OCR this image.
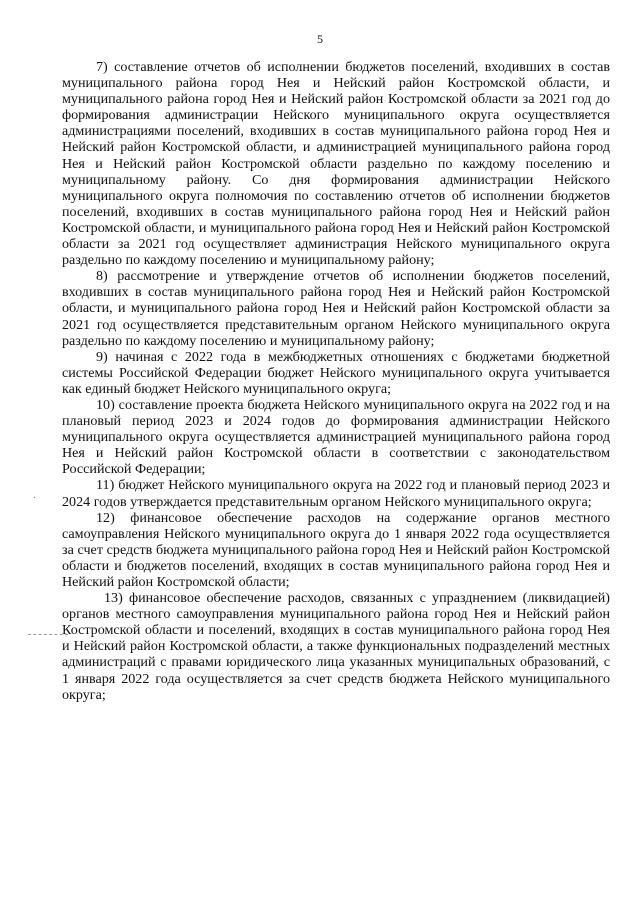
5
·

7) составление отчетов об исполнении бюджетов поселений, входивших в состав муниципального района город Нея и Нейский район Костромской области, и муниципального района город Нея и Нейский район Костромской области за 2021 год до формирования администрации Нейского муниципального округа осуществляется администрациями поселений, входивших в состав муниципального района город Нея и Нейский район Костромской области, и администрацией муниципального района город Нея и Нейский район Костромской области раздельно по каждому поселению и муниципальному району. Со дня формирования администрации Нейского муниципального округа полномочия по составлению отчетов об исполнении бюджетов поселений, входивших в состав муниципального района город Нея и Нейский район Костромской области, и муниципального района город Нея и Нейский район Костромской области за 2021 год осуществляет администрация Нейского муниципального округа раздельно по каждому поселению и муниципальному району;

8) рассмотрение и утверждение отчетов об исполнении бюджетов поселений, входивших в состав муниципального района город Нея и Нейский район Костромской области, и муниципального района город Нея и Нейский район Костромской области за 2021 год осуществляется представительным органом Нейского муниципального округа раздельно по каждому поселению и муниципальному району;

9) начиная с 2022 года в межбюджетных отношениях с бюджетами бюджетной системы Российской Федерации бюджет Нейского муниципального округа учитывается как единый бюджет Нейского муниципального округа;

10) составление проекта бюджета Нейского муниципального округа на 2022 год и на плановый период 2023 и 2024 годов до формирования администрации Нейского муниципального округа осуществляется администрацией муниципального района город Нея и Нейский район Костромской области в соответствии с законодательством Российской Федерации;

11) бюджет Нейского муниципального округа на 2022 год и плановый период 2023 и 2024 годов утверждается представительным органом Нейского муниципального округа;

12) финансовое обеспечение расходов на содержание органов местного самоуправления Нейского муниципального округа до 1 января 2022 года осуществляется за счет средств бюджета муниципального района город Нея и Нейский район Костромской области и бюджетов поселений, входящих в состав муниципального района город Нея и Нейский район Костромской области;

13) финансовое обеспечение расходов, связанных с упразднением (ликвидацией) органов местного самоуправления муниципального района город Нея и Нейский район Костромской области и поселений, входящих в состав муниципального района город Нея и Нейский район Костромской области, а также функциональных подразделений местных администраций с правами юридического лица указанных муниципальных образований, с 1 января 2022 года осуществляется за счет средств бюджета Нейского муниципального округа;
